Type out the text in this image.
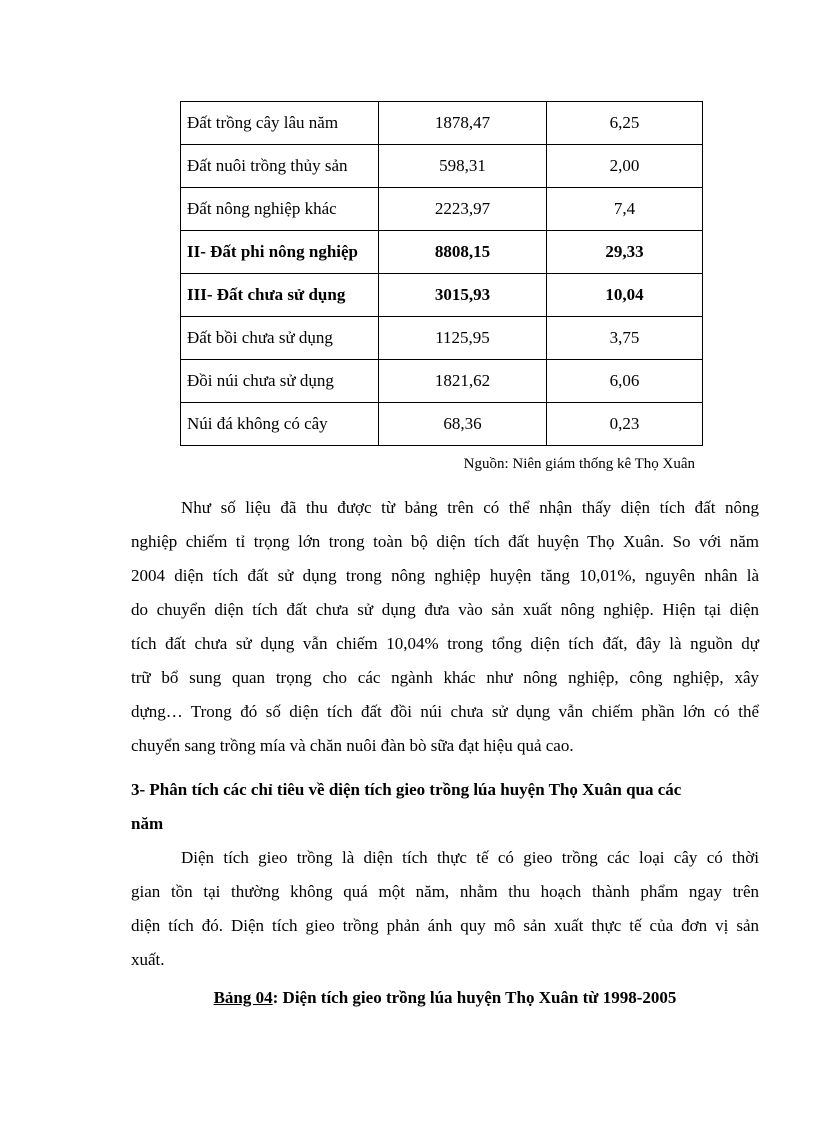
Đất trồng cây lâu năm	1878,47	6,25
Đất nuôi trồng thủy sản	598,31	2,00
Đất nông nghiệp khác	2223,97	7,4
II- Đất phi nông nghiệp	8808,15	29,33
III- Đất chưa sử dụng	3015,93	10,04
Đất bồi chưa sử dụng	1125,95	3,75
Đồi núi chưa sử dụng	1821,62	6,06
Núi đá không có cây	68,36	0,23
Nguồn: Niên giám thống kê Thọ Xuân
Như số liệu đã thu được từ bảng trên có thể nhận thấy diện tích đất nông
nghiệp chiếm tỉ trọng lớn trong toàn bộ diện tích đất huyện Thọ Xuân. So với năm
2004 diện tích đất sử dụng trong nông nghiệp huyện tăng 10,01%, nguyên nhân là
do chuyển diện tích đất chưa sử dụng đưa vào sản xuất nông nghiệp. Hiện tại diện
tích đất chưa sử dụng vẫn chiếm 10,04% trong tổng diện tích đất, đây là nguồn dự
trữ bổ sung quan trọng cho các ngành khác như nông nghiệp, công nghiệp, xây
dựng… Trong đó số diện tích đất đồi núi chưa sử dụng vẫn chiếm phần lớn có thể
chuyển sang trồng mía và chăn nuôi đàn bò sữa đạt hiệu quả cao.
3- Phân tích các chỉ tiêu về diện tích gieo trồng lúa huyện Thọ Xuân qua các
năm
Diện tích gieo trồng là diện tích thực tế có gieo trồng các loại cây có thời
gian tồn tại thường không quá một năm, nhằm thu hoạch thành phẩm ngay trên
diện tích đó. Diện tích gieo trồng phản ánh quy mô sản xuất thực tế của đơn vị sản
xuất.
Bảng 04: Diện tích gieo trồng lúa huyện Thọ Xuân từ 1998-2005
